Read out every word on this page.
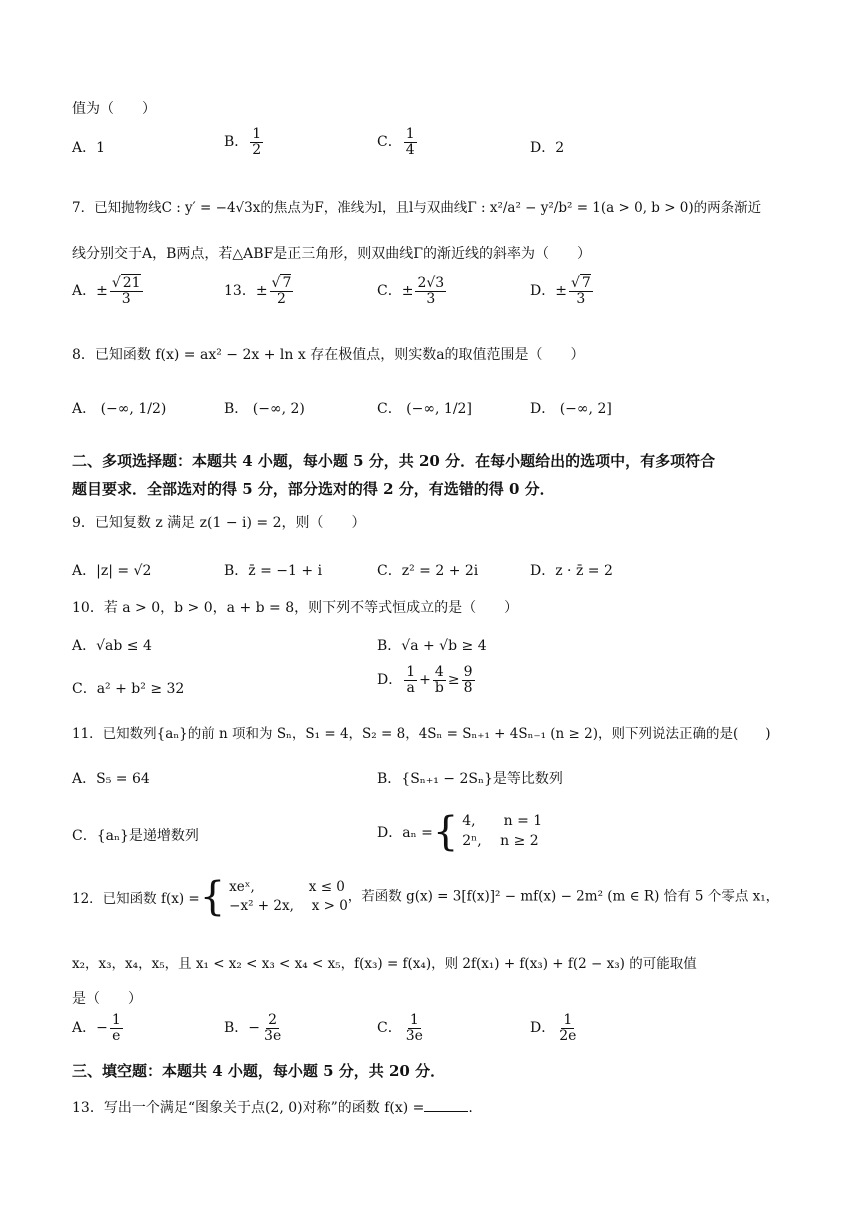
值为（　　）
A．1	B． $\frac{1}{2}$	C． $\frac{1}{4}$	D．2
7．已知抛物线C : y′ = −4√3x的焦点为F，准线为l，且l与双曲线Γ : x²/a² − y²/b² = 1(a > 0, b > 0)的两条渐近
线分别交于A，B两点，若△ABF是正三角形，则双曲线Γ的渐近线的斜率为（　　）
A．± √ $\frac{21}{3}$	13．± √ $\frac{7}{2}$	C．± $\frac{2√3}{3}$	D．± √ $\frac{7}{3}$
8．已知函数 f(x) = ax² − 2x + ln x 存在极值点，则实数a的取值范围是（　　）
A． (−∞, 1/2)	B． (−∞, 2)	C． (−∞, 1/2]	D． (−∞, 2]
二、多项选择题：本题共 4 小题，每小题 5 分，共 20 分．在每小题给出的选项中，有多项符合
题目要求．全部选对的得 5 分，部分选对的得 2 分，有选错的得 0 分．
9．已知复数 z 满足 z(1 − i) = 2，则（　　）
A．|z| = √2	B．z̄ = −1 + i	C．z² = 2 + 2i	D．z · z̄ = 2
10．若 a > 0，b > 0，a + b = 8，则下列不等式恒成立的是（　　）
A．√ab ≤ 4	B．√a + √b ≥ 4
C．a² + b² ≥ 32
D． $\frac{1}{a} + \frac{4}{b} \ge \frac{9}{8}$
11．已知数列{aₙ}的前 n 项和为 Sₙ，S₁ = 4，S₂ = 8，4Sₙ = Sₙ₊₁ + 4Sₙ₋₁ (n ≥ 2)，则下列说法正确的是(　　)
A．S₅ = 64	B．{Sₙ₊₁ − 2Sₙ}是等比数列
C．{aₙ}是递增数列	D．aₙ = { 4,　　n = 1
2ⁿ,　 n ≥ 2
12．已知函数 f(x) = { xeˣ,　　　　x ≤ 0
−x² + 2x,　 x > 0
，若函数 g(x) = 3[f(x)]² − mf(x) − 2m² (m ∈ R) 恰有 5 个零点 x₁，
x₂，x₃，x₄，x₅，且 x₁ < x₂ < x₃ < x₄ < x₅，f(x₃) = f(x₄)，则 2f(x₁) + f(x₃) + f(2 − x₃) 的可能取值
是（　　）
A．− $\frac{1}{e}$	B．− $\frac{2}{3e}$	C． $\frac{1}{3e}$	D． $\frac{1}{2e}$
三、填空题：本题共 4 小题，每小题 5 分，共 20 分．
13．写出一个满足“图象关于点(2, 0)对称”的函数 f(x) =	.
